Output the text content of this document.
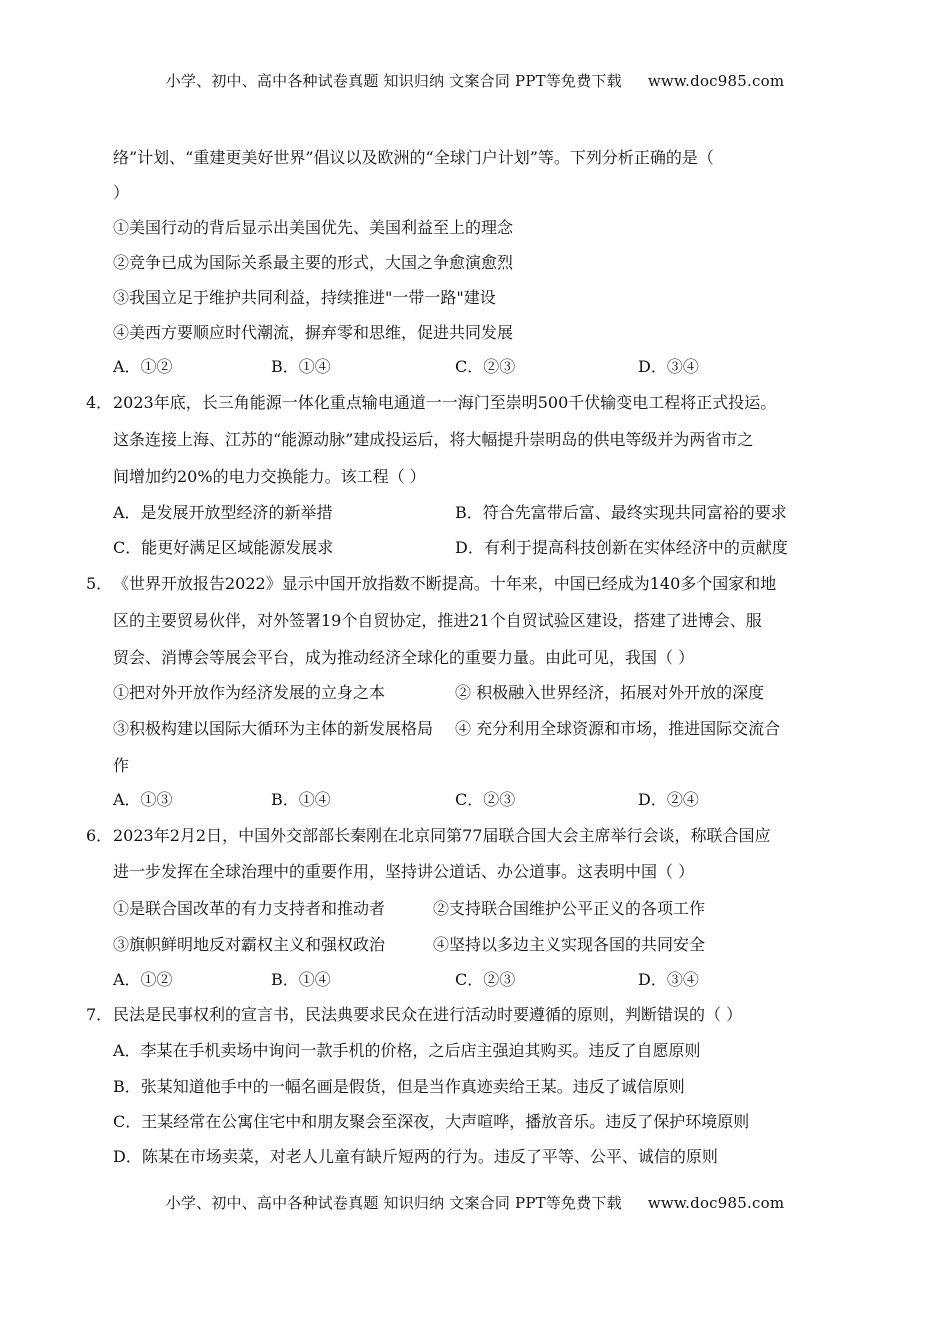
小学、初中、高中各种试卷真题 知识归纳 文案合同 PPT等免费下载 www.doc985.com
络”计划、“重建更美好世界”倡议以及欧洲的“全球门户计划”等。下列分析正确的是（
）
①美国行动的背后显示出美国优先、美国利益至上的理念
②竞争已成为国际关系最主要的形式，大国之争愈演愈烈
③我国立足于维护共同利益，持续推进"一带一路"建设
④美西方要顺应时代潮流，摒弃零和思维，促进共同发展
A．①②	B．①④	C．②③	D．③④
4． 2023年底，长三角能源一体化重点输电通道一一海门至崇明500千伏输变电工程将正式投运。
这条连接上海、江苏的“能源动脉”建成投运后，将大幅提升崇明岛的供电等级并为两省市之
间增加约20%的电力交换能力。该工程（ ）
A．是发展开放型经济的新举措	B．符合先富带后富、最终实现共同富裕的要求
C．能更好满足区域能源发展求	D．有利于提高科技创新在实体经济中的贡献度
5． 《世界开放报告2022》显示中国开放指数不断提高。十年来，中国已经成为140多个国家和地
区的主要贸易伙伴，对外签署19个自贸协定，推进21个自贸试验区建设，搭建了进博会、服
贸会、消博会等展会平台，成为推动经济全球化的重要力量。由此可见，我国（ ）
①把对外开放作为经济发展的立身之本	② 积极融入世界经济，拓展对外开放的深度
③积极构建以国际大循环为主体的新发展格局 ④ 充分利用全球资源和市场，推进国际交流合
作
A．①③	B．①④	C．②③	D．②④
6． 2023年2月2日，中国外交部部长秦刚在北京同第77届联合国大会主席举行会谈，称联合国应
进一步发挥在全球治理中的重要作用，坚持讲公道话、办公道事。这表明中国（ ）
①是联合国改革的有力支持者和推动者	②支持联合国维护公平正义的各项工作
③旗帜鲜明地反对霸权主义和强权政治	④坚持以多边主义实现各国的共同安全
A．①②	B．①④	C．②③	D．③④
7． 民法是民事权利的宣言书，民法典要求民众在进行活动时要遵循的原则，判断错误的（ ）
A．李某在手机卖场中询问一款手机的价格，之后店主强迫其购买。违反了自愿原则
B．张某知道他手中的一幅名画是假货，但是当作真迹卖给王某。违反了诚信原则
C．王某经常在公寓住宅中和朋友聚会至深夜，大声喧哗，播放音乐。违反了保护环境原则
D．陈某在市场卖菜，对老人儿童有缺斤短两的行为。违反了平等、公平、诚信的原则
小学、初中、高中各种试卷真题 知识归纳 文案合同 PPT等免费下载 www.doc985.com
